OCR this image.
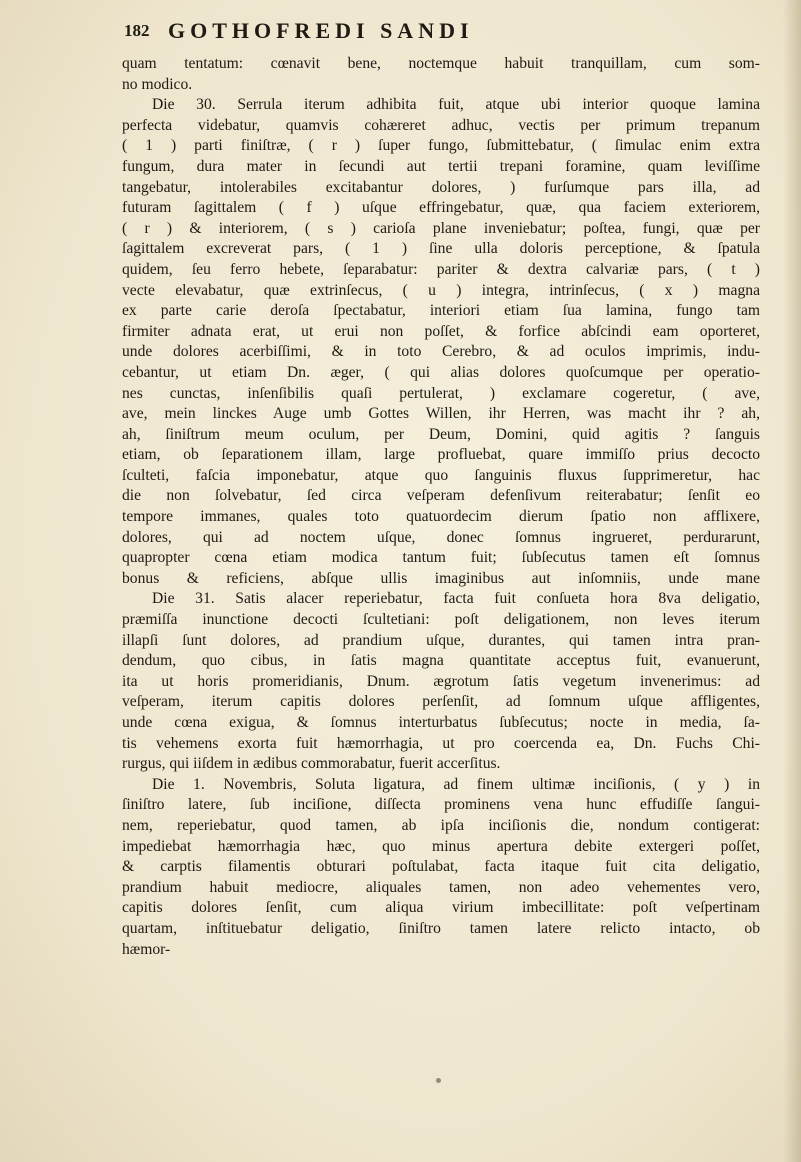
182 GOTHOFREDI SANDI
quam tentatum: cœnavit bene, noctemque habuit tranquillam, cum som-
no modico.
Die 30. Serrula iterum adhibita fuit, atque ubi interior quoque lamina
perfecta videbatur, quamvis cohæreret adhuc, vectis per primum trepanum
( 1 ) parti finiſtræ, ( r ) ſuper fungo, ſubmittebatur, ( ſimulac enim extra
fungum, dura mater in ſecundi aut tertii trepani foramine, quam leviſſime
tangebatur, intolerabiles excitabantur dolores, ) furſumque pars illa, ad
futuram ſagittalem ( f ) uſque effringebatur, quæ, qua faciem exteriorem,
( r ) & interiorem, ( s ) carioſa plane inveniebatur; poſtea, fungi, quæ per
ſagittalem excreverat pars, ( 1 ) ſine ulla doloris perceptione, & ſpatula
quidem, ſeu ferro hebete, ſeparabatur: pariter & dextra calvariæ pars, ( t )
vecte elevabatur, quæ extrinſecus, ( u ) integra, intrinſecus, ( x ) magna
ex parte carie deroſa ſpectabatur, interiori etiam ſua lamina, fungo tam
firmiter adnata erat, ut erui non poſſet, & forfice abſcindi eam oporteret,
unde dolores acerbiſſimi, & in toto Cerebro, & ad oculos imprimis, indu-
cebantur, ut etiam Dn. æger, ( qui alias dolores quoſcumque per operatio-
nes cunctas, inſenſibilis quaſi pertulerat, ) exclamare cogeretur, ( ave,
ave, mein linckes Auge umb Gottes Willen, ihr Herren, was macht ihr ? ah,
ah, ſiniſtrum meum oculum, per Deum, Domini, quid agitis ? ſanguis
etiam, ob ſeparationem illam, large profluebat, quare immiſſo prius decocto
ſculteti, faſcia imponebatur, atque quo ſanguinis fluxus ſupprimeretur, hac
die non ſolvebatur, ſed circa veſperam defenſivum reiterabatur; ſenſit eo
tempore immanes, quales toto quatuordecim dierum ſpatio non afflixere,
dolores, qui ad noctem uſque, donec ſomnus ingrueret, perdurarunt,
quapropter cœna etiam modica tantum fuit; ſubſecutus tamen eſt ſomnus
bonus & reficiens, abſque ullis imaginibus aut inſomniis, unde mane
Die 31. Satis alacer reperiebatur, facta fuit conſueta hora 8va deligatio,
præmiſſa inunctione decocti ſcultetiani: poſt deligationem, non leves iterum
illapſi ſunt dolores, ad prandium uſque, durantes, qui tamen intra pran-
dendum, quo cibus, in ſatis magna quantitate acceptus fuit, evanuerunt,
ita ut horis promeridianis, Dnum. ægrotum ſatis vegetum invenerimus: ad
veſperam, iterum capitis dolores perſenſit, ad ſomnum uſque affligentes,
unde cœna exigua, & ſomnus interturbatus ſubſecutus; nocte in media, ſa-
tis vehemens exorta fuit hæmorrhagia, ut pro coercenda ea, Dn. Fuchs Chi-
rurgus, qui iiſdem in ædibus commorabatur, fuerit accerſitus.
Die 1. Novembris, Soluta ligatura, ad finem ultimæ inciſionis, ( y ) in
ſiniſtro latere, ſub inciſione, diſſecta prominens vena hunc effudiſſe ſangui-
nem, reperiebatur, quod tamen, ab ipſa inciſionis die, nondum contigerat:
impediebat hæmorrhagia hæc, quo minus apertura debite extergeri poſſet,
& carptis filamentis obturari poſtulabat, facta itaque fuit cita deligatio,
prandium habuit mediocre, aliquales tamen, non adeo vehementes vero,
capitis dolores ſenſit, cum aliqua virium imbecillitate: poſt veſpertinam
quartam, inſtituebatur deligatio, ſiniſtro tamen latere relicto intacto, ob
hæmor-
